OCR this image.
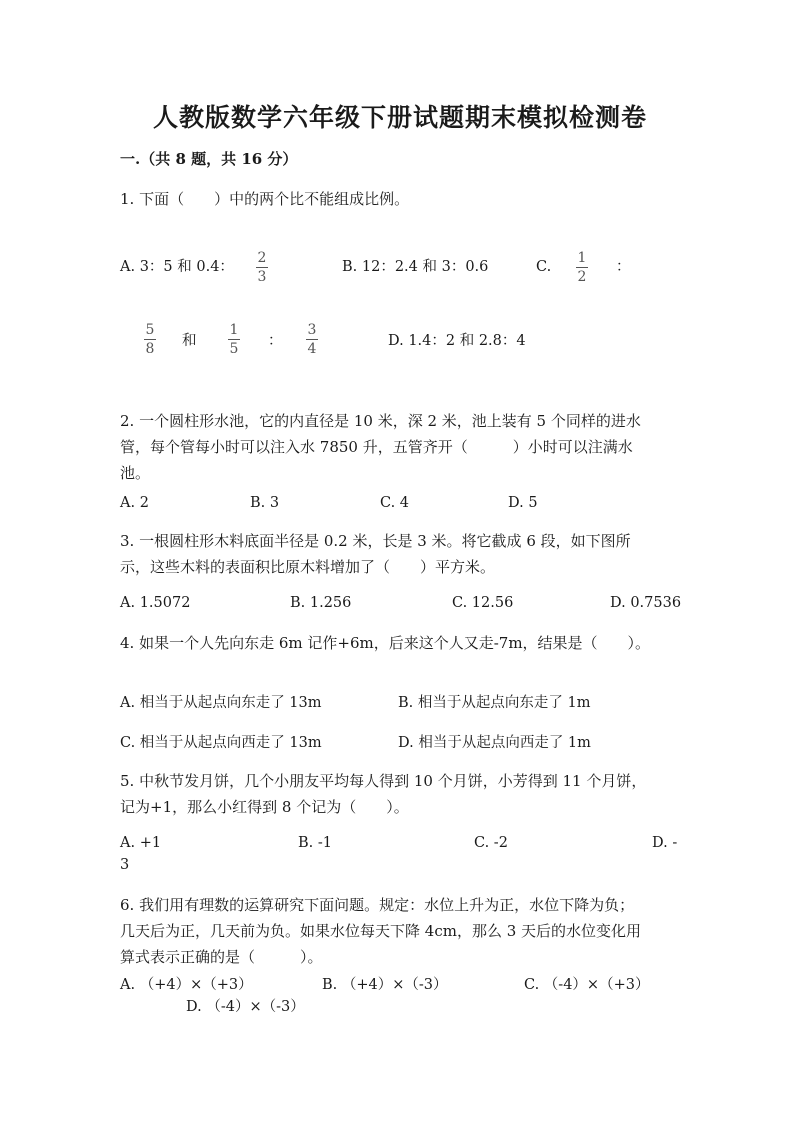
人教版数学六年级下册试题期末模拟检测卷
一.（共 8 题，共 16 分）
1. 下面（　　）中的两个比不能组成比例。
A. 3：5 和 0.4：
2
3
B. 12：2.4 和 3：0.6	C.
1
2
：
5
8 和
1
5 ：
3
4	D. 1.4：2 和 2.8：4
2. 一个圆柱形水池，它的内直径是 10 米，深 2 米，池上装有 5 个同样的进水
管，每个管每小时可以注入水 7850 升，五管齐开（　　　）小时可以注满水
池。
A. 2	B. 3	C. 4	D. 5
3. 一根圆柱形木料底面半径是 0.2 米，长是 3 米。将它截成 6 段，如下图所
示，这些木料的表面积比原木料增加了（　　）平方米。
A. 1.5072	B. 1.256	C. 12.56	D. 0.7536
4. 如果一个人先向东走 6m 记作+6m，后来这个人又走-7m，结果是（　　）。
A. 相当于从起点向东走了 13m	B. 相当于从起点向东走了 1m
C. 相当于从起点向西走了 13m	D. 相当于从起点向西走了 1m
5. 中秋节发月饼，几个小朋友平均每人得到 10 个月饼，小芳得到 11 个月饼，
记为+1，那么小红得到 8 个记为（　　）。
A. +1	B. -1	C. -2	D. -
3
6. 我们用有理数的运算研究下面问题。规定：水位上升为正，水位下降为负；
几天后为正，几天前为负。如果水位每天下降 4cm，那么 3 天后的水位变化用
算式表示正确的是（　　　）。
A. （+4）×（+3）	B. （+4）×（-3）	C. （-4）×（+3）
D. （-4）×（-3）
